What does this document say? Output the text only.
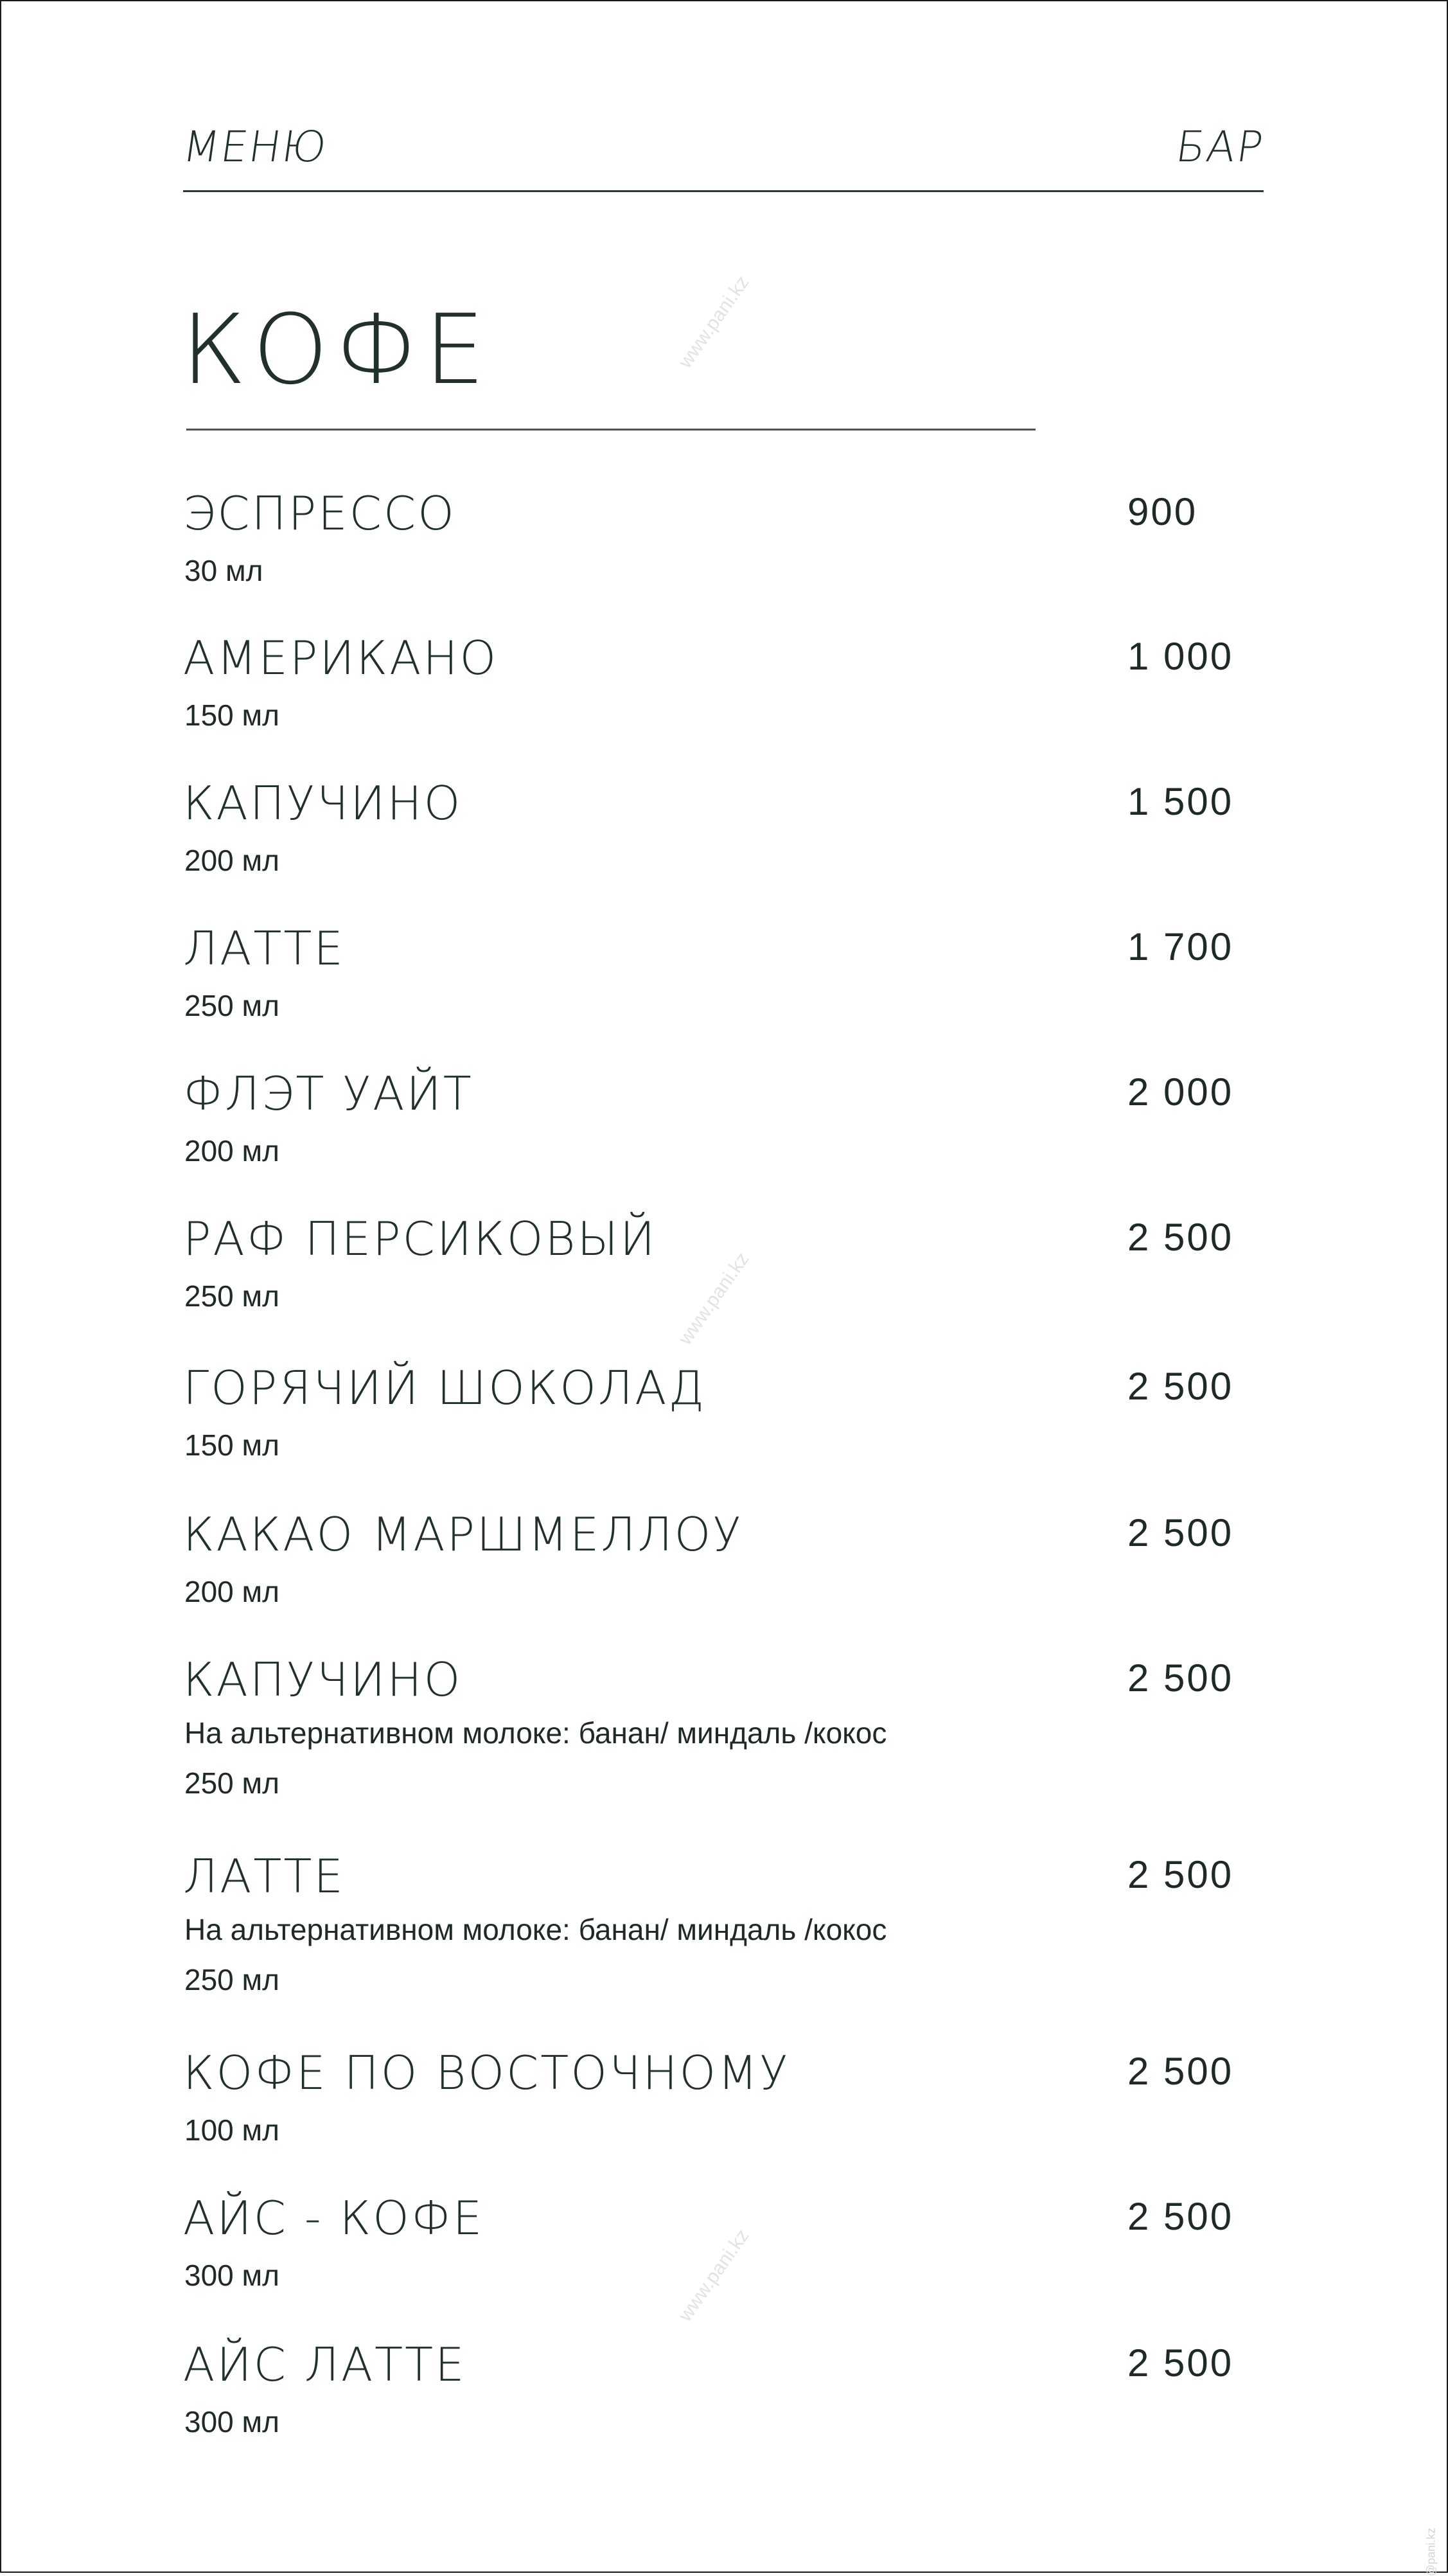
МЕНЮ	БАР
КОФЕ	www.pani.kz
www.pani.kz
www.pani.kz
@pani.kz
ЭСПРЕССО	900
30 мл
АМЕРИКАНО	1 000
150 мл
КАПУЧИНО	1 500
200 мл
ЛАТТЕ	1 700
250 мл
ФЛЭТ УАЙТ	2 000
200 мл
РАФ ПЕРСИКОВЫЙ	2 500
250 мл
ГОРЯЧИЙ ШОКОЛАД	2 500
150 мл
КАКАО МАРШМЕЛЛОУ	2 500
200 мл
КАПУЧИНО	2 500
На альтернативном молоке: банан/ миндаль /кокос
250 мл
ЛАТТЕ	2 500
На альтернативном молоке: банан/ миндаль /кокос
250 мл
КОФЕ ПО ВОСТОЧНОМУ	2 500
100 мл
АЙС - КОФЕ	2 500
300 мл
АЙС ЛАТТЕ	2 500
300 мл
